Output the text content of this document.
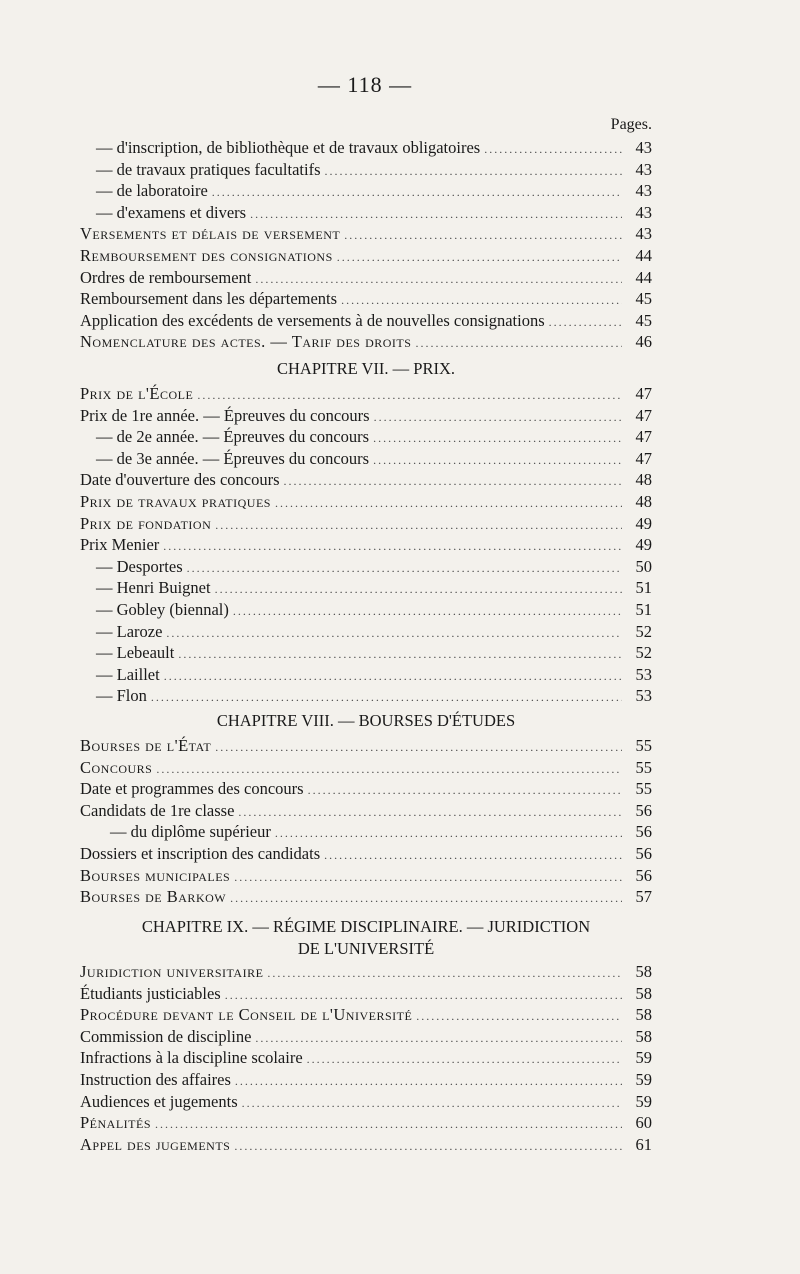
— 118 —
Pages.
— d'inscription, de bibliothèque et de travaux obligatoires .....	43
— de travaux pratiques facultatifs .....	43
— de laboratoire .....	43
— d'examens et divers .....	43
Versements et délais de versement .....	43
Remboursement des consignations .....	44
Ordres de remboursement .....	44
Remboursement dans les départements .....	45
Application des excédents de versements à de nouvelles consignations .....	45
Nomenclature des actes. — Tarif des droits .....	46
CHAPITRE VII. — PRIX.
Prix de l'École .....	47
Prix de 1re année. — Épreuves du concours .....	47
— de 2e année. — Épreuves du concours .....	47
— de 3e année. — Épreuves du concours .....	47
Date d'ouverture des concours .....	48
Prix de travaux pratiques .....	48
Prix de fondation .....	49
Prix Menier .....	49
— Desportes .....	50
— Henri Buignet .....	51
— Gobley (biennal) .....	51
— Laroze .....	52
— Lebeault .....	52
— Laillet .....	53
— Flon .....	53
CHAPITRE VIII. — BOURSES D'ÉTUDES
Bourses de l'État .....	55
Concours .....	55
Date et programmes des concours .....	55
Candidats de 1re classe .....	56
— du diplôme supérieur .....	56
Dossiers et inscription des candidats .....	56
Bourses municipales .....	56
Bourses de Barkow .....	57
CHAPITRE IX. — RÉGIME DISCIPLINAIRE. — JURIDICTION
DE L'UNIVERSITÉ
Juridiction universitaire .....	58
Étudiants justiciables .....	58
Procédure devant le Conseil de l'Université .....	58
Commission de discipline .....	58
Infractions à la discipline scolaire .....	59
Instruction des affaires .....	59
Audiences et jugements .....	59
Pénalités .....	60
Appel des jugements .....	61
